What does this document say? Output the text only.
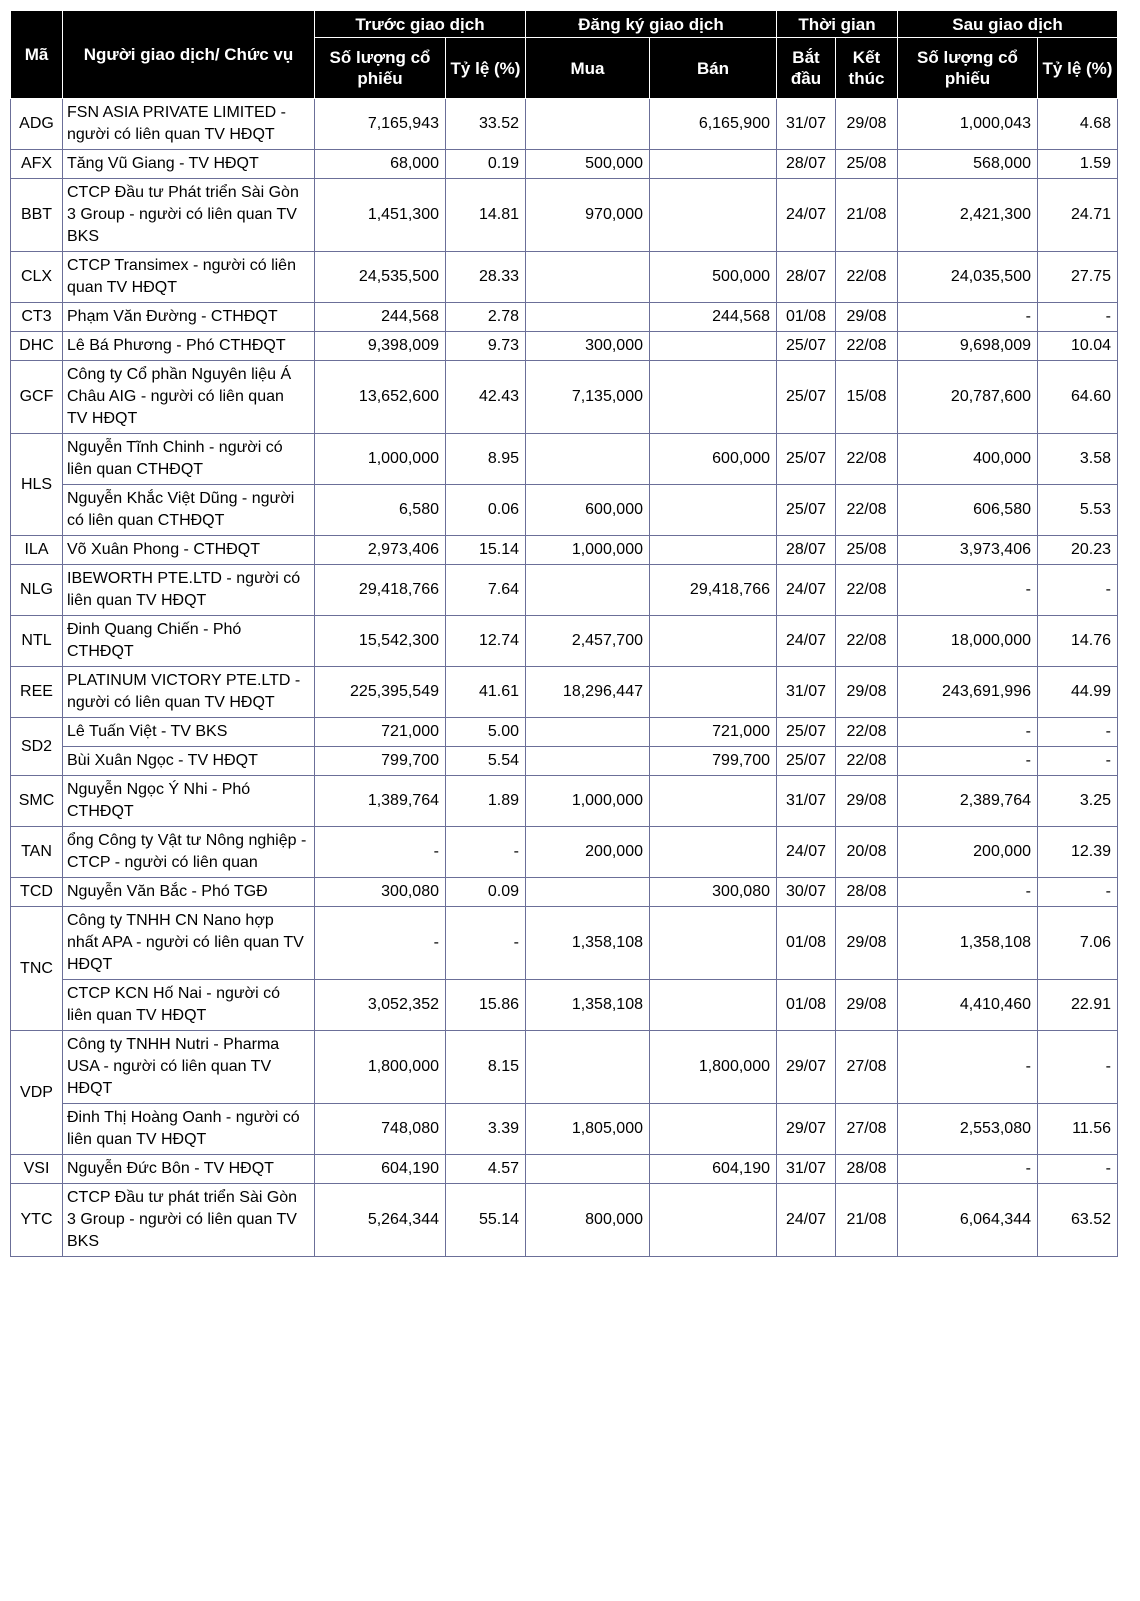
Mã	Người giao dịch/ Chức vụ	Trước giao dịch		Đăng ký giao dịch		Thời gian		Sau giao dịch	
		Số lượng cổ phiếu	Tỷ lệ (%)	Mua	Bán	Bắt đầu	Kết thúc	Số lượng cổ phiếu	Tỷ lệ (%)
ADG	FSN ASIA PRIVATE LIMITED - người có liên quan TV HĐQT	7,165,943	33.52		6,165,900	31/07	29/08	1,000,043	4.68
AFX	Tăng Vũ Giang - TV HĐQT	68,000	0.19	500,000		28/07	25/08	568,000	1.59
BBT	CTCP Đầu tư Phát triển Sài Gòn 3 Group - người có liên quan TV BKS	1,451,300	14.81	970,000		24/07	21/08	2,421,300	24.71
CLX	CTCP Transimex - người có liên quan TV HĐQT	24,535,500	28.33		500,000	28/07	22/08	24,035,500	27.75
CT3	Phạm Văn Đường - CTHĐQT	244,568	2.78		244,568	01/08	29/08	-	-
DHC	Lê Bá Phương - Phó CTHĐQT	9,398,009	9.73	300,000		25/07	22/08	9,698,009	10.04
GCF	Công ty Cổ phần Nguyên liệu Á Châu AIG - người có liên quan TV HĐQT	13,652,600	42.43	7,135,000		25/07	15/08	20,787,600	64.60
HLS	Nguyễn Tĩnh Chinh - người có liên quan CTHĐQT	1,000,000	8.95		600,000	25/07	22/08	400,000	3.58
	Nguyễn Khắc Việt Dũng - người có liên quan CTHĐQT	6,580	0.06	600,000		25/07	22/08	606,580	5.53
ILA	Võ Xuân Phong - CTHĐQT	2,973,406	15.14	1,000,000		28/07	25/08	3,973,406	20.23
NLG	IBEWORTH PTE.LTD - người có liên quan TV HĐQT	29,418,766	7.64		29,418,766	24/07	22/08	-	-
NTL	Đinh Quang Chiến - Phó CTHĐQT	15,542,300	12.74	2,457,700		24/07	22/08	18,000,000	14.76
REE	PLATINUM VICTORY PTE.LTD - người có liên quan TV HĐQT	225,395,549	41.61	18,296,447		31/07	29/08	243,691,996	44.99
SD2	Lê Tuấn Việt - TV BKS	721,000	5.00		721,000	25/07	22/08	-	-
	Bùi Xuân Ngọc - TV HĐQT	799,700	5.54		799,700	25/07	22/08	-	-
SMC	Nguyễn Ngọc Ý Nhi - Phó CTHĐQT	1,389,764	1.89	1,000,000		31/07	29/08	2,389,764	3.25
TAN	ổng Công ty Vật tư Nông nghiệp - CTCP - người có liên quan	-	-	200,000		24/07	20/08	200,000	12.39
TCD	Nguyễn Văn Bắc - Phó TGĐ	300,080	0.09		300,080	30/07	28/08	-	-
TNC	Công ty TNHH CN Nano hợp nhất APA - người có liên quan TV HĐQT	-	-	1,358,108		01/08	29/08	1,358,108	7.06
	CTCP KCN Hố Nai - người có liên quan TV HĐQT	3,052,352	15.86	1,358,108		01/08	29/08	4,410,460	22.91
VDP	Công ty TNHH Nutri - Pharma USA - người có liên quan TV HĐQT	1,800,000	8.15		1,800,000	29/07	27/08	-	-
	Đinh Thị Hoàng Oanh - người có liên quan TV HĐQT	748,080	3.39	1,805,000		29/07	27/08	2,553,080	11.56
VSI	Nguyễn Đức Bôn - TV HĐQT	604,190	4.57		604,190	31/07	28/08	-	-
YTC	CTCP Đầu tư phát triển Sài Gòn 3 Group - người có liên quan TV BKS	5,264,344	55.14	800,000		24/07	21/08	6,064,344	63.52
